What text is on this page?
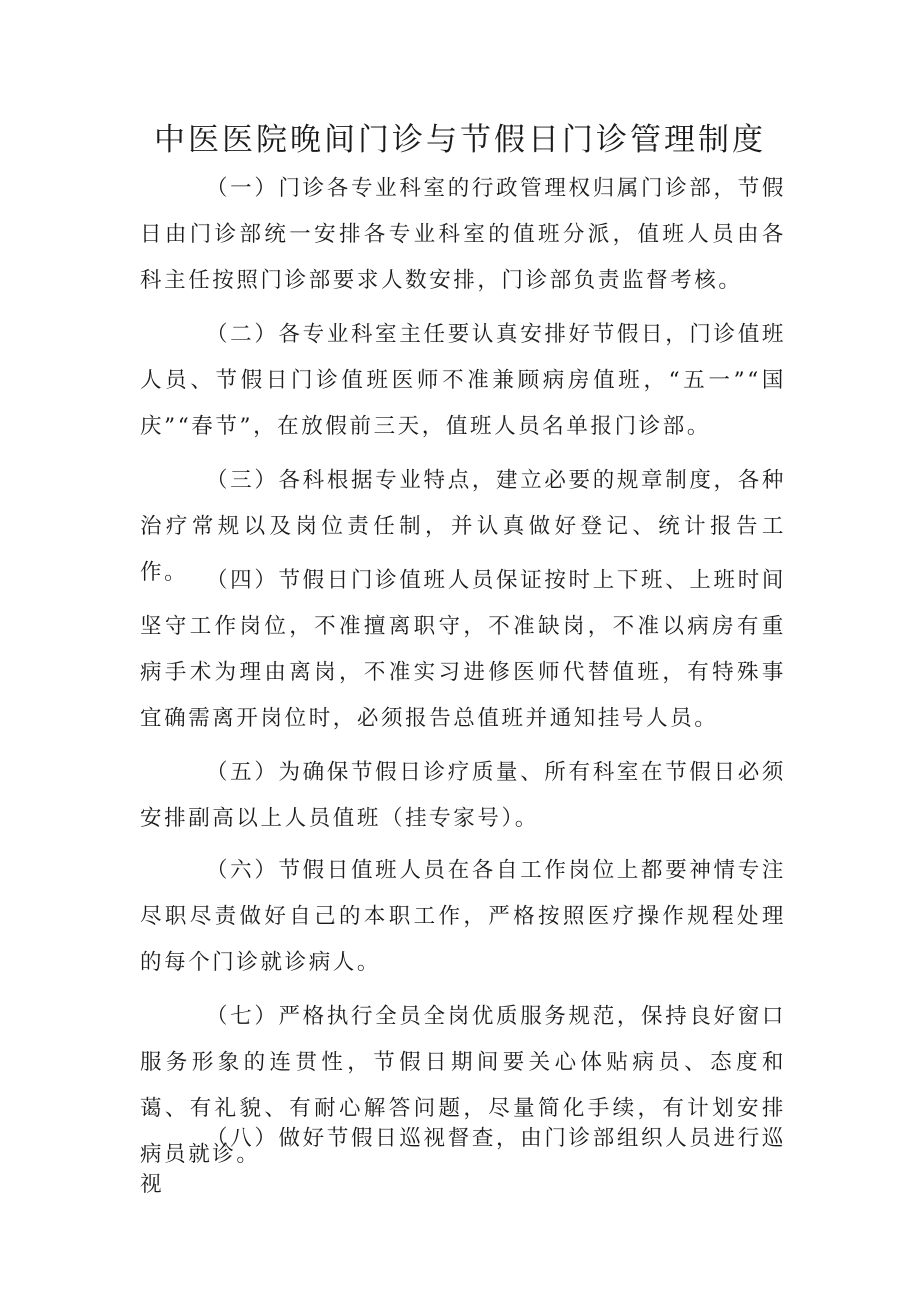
中医医院晚间门诊与节假日门诊管理制度

（一）门诊各专业科室的行政管理权归属门诊部，节假日由门诊部统一安排各专业科室的值班分派，值班人员由各科主任按照门诊部要求人数安排，门诊部负责监督考核。

（二）各专业科室主任要认真安排好节假日，门诊值班人员、节假日门诊值班医师不准兼顾病房值班，“五一”“国庆”“春节”，在放假前三天，值班人员名单报门诊部。

（三）各科根据专业特点，建立必要的规章制度，各种治疗常规以及岗位责任制，并认真做好登记、统计报告工作。 （四）节假日门诊值班人员保证按时上下班、上班时间坚守工作岗位，不准擅离职守，不准缺岗，不准以病房有重病手术为理由离岗，不准实习进修医师代替值班，有特殊事宜确需离开岗位时，必须报告总值班并通知挂号人员。

（五）为确保节假日诊疗质量、所有科室在节假日必须安排副高以上人员值班（挂专家号）。

（六）节假日值班人员在各自工作岗位上都要神情专注尽职尽责做好自己的本职工作，严格按照医疗操作规程处理的每个门诊就诊病人。

（七）严格执行全员全岗优质服务规范，保持良好窗口服务形象的连贯性，节假日期间要关心体贴病员、态度和蔼、有礼貌、有耐心解答问题，尽量简化手续，有计划安排病员就诊。

（八）做好节假日巡视督查，由门诊部组织人员进行巡视
